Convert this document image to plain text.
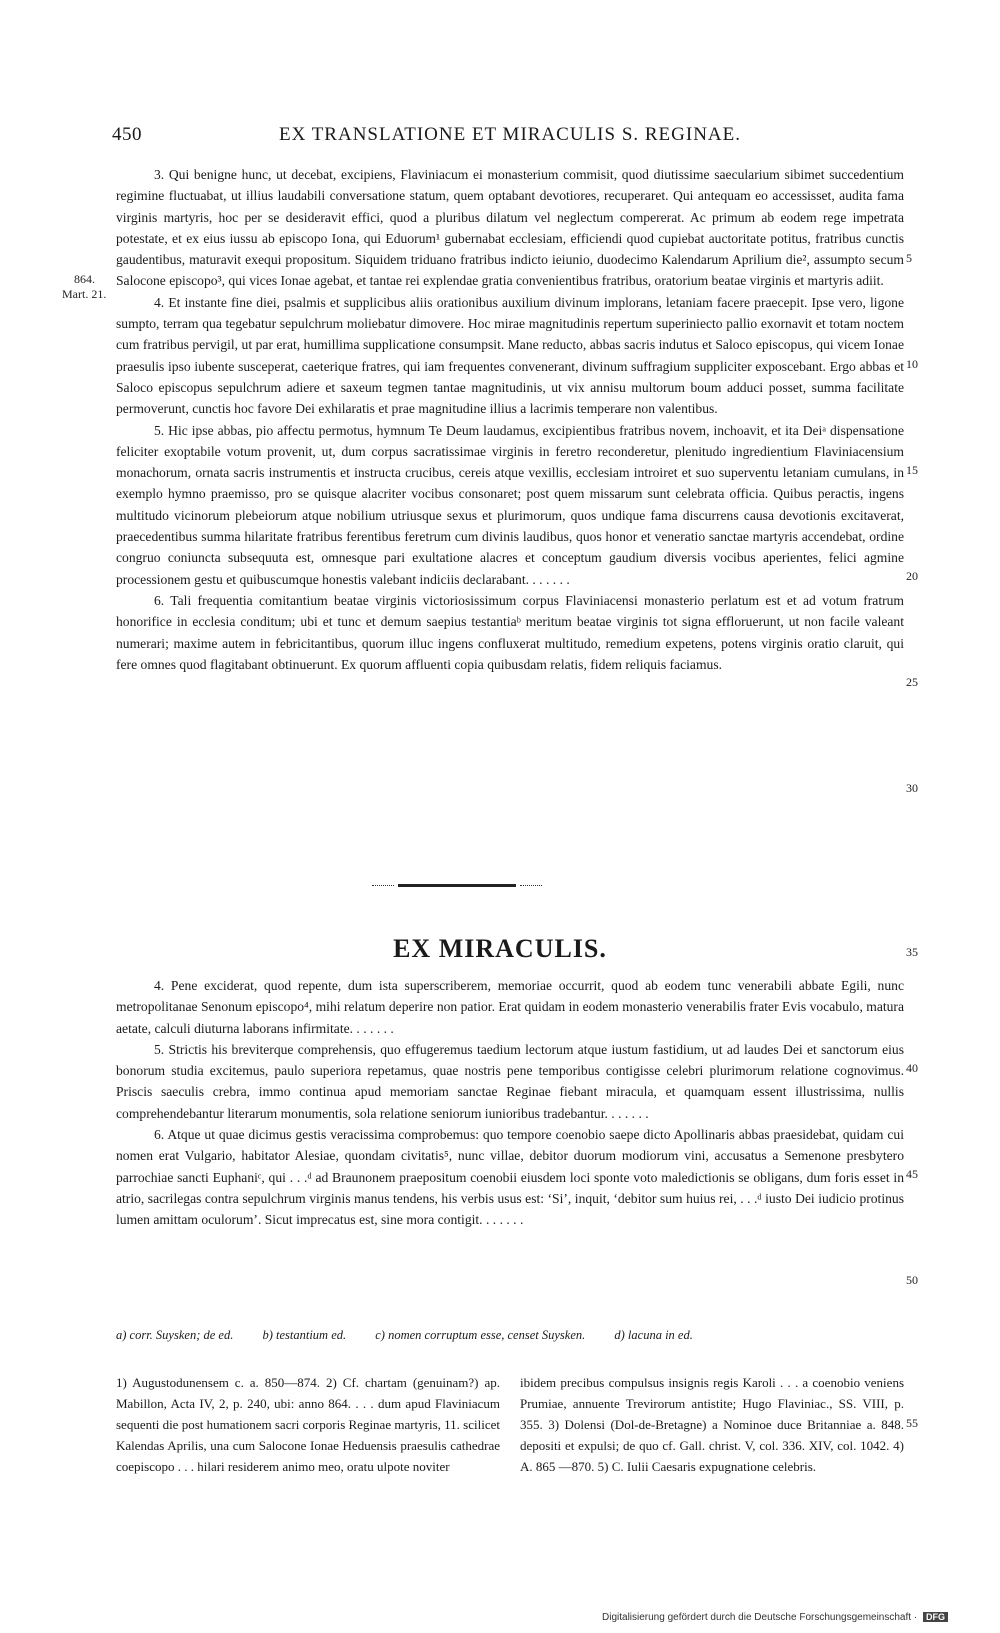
450	EX TRANSLATIONE ET MIRACULIS S. REGINAE.
864.
Mart. 21.

3. Qui benigne hunc, ut decebat, excipiens, Flaviniacum ei monasterium commisit, quod diutissime saecularium sibimet succedentium regimine fluctuabat, ut illius laudabili conversatione statum, quem optabant devotiores, recuperaret. Qui antequam eo accessisset, audita fama virginis martyris, hoc per se desideravit effici, quod a pluribus dilatum vel neglectum compererat. Ac primum ab eodem rege impetrata potestate, et ex eius iussu ab episcopo Iona, qui Eduorum¹ gubernabat ecclesiam, efficiendi quod cupiebat auctoritate potitus, fratribus cunctis gaudentibus, maturavit exequi propositum. Siquidem triduano fratribus indicto ieiunio, duodecimo Kalendarum Aprilium die², assumpto secum Salocone episcopo³, qui vices Ionae agebat, et tantae rei explendae gratia convenientibus fratribus, oratorium beatae virginis et martyris adiit.

4. Et instante fine diei, psalmis et supplicibus aliis orationibus auxilium divinum implorans, letaniam facere praecepit. Ipse vero, ligone sumpto, terram qua tegebatur sepulchrum moliebatur dimovere. Hoc mirae magnitudinis repertum superiniecto pallio exornavit et totam noctem cum fratribus pervigil, ut par erat, humillima supplicatione consumpsit. Mane reducto, abbas sacris indutus et Saloco episcopus, qui vicem Ionae praesulis ipso iubente susceperat, caeterique fratres, qui iam frequentes convenerant, divinum suffragium suppliciter exposcebant. Ergo abbas et Saloco episcopus sepulchrum adiere et saxeum tegmen tantae magnitudinis, ut vix annisu multorum boum adduci posset, summa facilitate permoverunt, cunctis hoc favore Dei exhilaratis et prae magnitudine illius a lacrimis temperare non valentibus.

5. Hic ipse abbas, pio affectu permotus, hymnum Te Deum laudamus, excipientibus fratribus novem, inchoavit, et ita Deiᵃ dispensatione feliciter exoptabile votum provenit, ut, dum corpus sacratissimae virginis in feretro reconderetur, plenitudo ingredientium Flaviniacensium monachorum, ornata sacris instrumentis et instructa crucibus, cereis atque vexillis, ecclesiam introiret et suo superventu letaniam cumulans, in exemplo hymno praemisso, pro se quisque alacriter vocibus consonaret; post quem missarum sunt celebrata officia. Quibus peractis, ingens multitudo vicinorum plebeiorum atque nobilium utriusque sexus et plurimorum, quos undique fama discurrens causa devotionis excitaverat, praecedentibus summa hilaritate fratribus ferentibus feretrum cum divinis laudibus, quos honor et veneratio sanctae martyris accendebat, ordine congruo coniuncta subsequuta est, omnesque pari exultatione alacres et conceptum gaudium diversis vocibus aperientes, felici agmine processionem gestu et quibuscumque honestis valebant indiciis declarabant. . . . . . .

6. Tali frequentia comitantium beatae virginis victoriosissimum corpus Flaviniacensi monasterio perlatum est et ad votum fratrum honorifice in ecclesia conditum; ubi et tunc et demum saepius testantiaᵇ meritum beatae virginis tot signa effloruerunt, ut non facile valeant numerari; maxime autem in febricitantibus, quorum illuc ingens confluxerat multitudo, remedium expetens, potens virginis oratio claruit, qui fere omnes quod flagitabant obtinuerunt. Ex quorum affluenti copia quibusdam relatis, fidem reliquis faciamus.

5
10
15
20
25
30
EX MIRACULIS.	35

4. Pene exciderat, quod repente, dum ista superscriberem, memoriae occurrit, quod ab eodem tunc venerabili abbate Egili, nunc metropolitanae Senonum episcopo⁴, mihi relatum deperire non patior. Erat quidam in eodem monasterio venerabilis frater Evis vocabulo, matura aetate, calculi diuturna laborans infirmitate. . . . . . .

5. Strictis his breviterque comprehensis, quo effugeremus taedium lectorum atque iustum fastidium, ut ad laudes Dei et sanctorum eius bonorum studia excitemus, paulo superiora repetamus, quae nostris pene temporibus contigisse celebri plurimorum relatione cognovimus. Priscis saeculis crebra, immo continua apud memoriam sanctae Reginae fiebant miracula, et quamquam essent illustrissima, nullis comprehendebantur literarum monumentis, sola relatione seniorum iunioribus tradebantur. . . . . . .

6. Atque ut quae dicimus gestis veracissima comprobemus: quo tempore coenobio saepe dicto Apollinaris abbas praesidebat, quidam cui nomen erat Vulgario, habitator Alesiae, quondam civitatis⁵, nunc villae, debitor duorum modiorum vini, accusatus a Semenone presbytero parrochiae sancti Euphaniᶜ, qui . . .ᵈ ad Braunonem praepositum coenobii eiusdem loci sponte voto maledictionis se obligans, dum foris esset in atrio, sacrilegas contra sepulchrum virginis manus tendens, his verbis usus est: ‘Si’, inquit, ‘debitor sum huius rei, . . .ᵈ iusto Dei iudicio protinus lumen amittam oculorum’. Sicut imprecatus est, sine mora contigit. . . . . . .

40
45
50
a) corr. Suysken; de ed. b) testantium ed. c) nomen corruptum esse, censet Suysken. d) lacuna in ed.
1) Augustodunensem c. a. 850—874. 2) Cf. chartam (genuinam?) ap. Mabillon, Acta IV, 2, p. 240, ubi: anno 864. . . . dum apud Flaviniacum sequenti die post humationem sacri corporis Reginae martyris, 11. scilicet Kalendas Aprilis, una cum Salocone Ionae Heduensis praesulis cathedrae coepiscopo . . . hilari residerem animo meo, oratu ulpote noviter
ibidem precibus compulsus insignis regis Karoli . . . a coenobio veniens Prumiae, annuente Trevirorum antistite; Hugo Flaviniac., SS. VIII, p. 355. 3) Dolensi (Dol-de-Bretagne) a Nominoe duce Britanniae a. 848. depositi et expulsi; de quo cf. Gall. christ. V, col. 336. XIV, col. 1042. 4) A. 865 —870. 5) C. Iulii Caesaris expugnatione celebris.
55
Digitalisierung gefördert durch die Deutsche Forschungsgemeinschaft · DFG
